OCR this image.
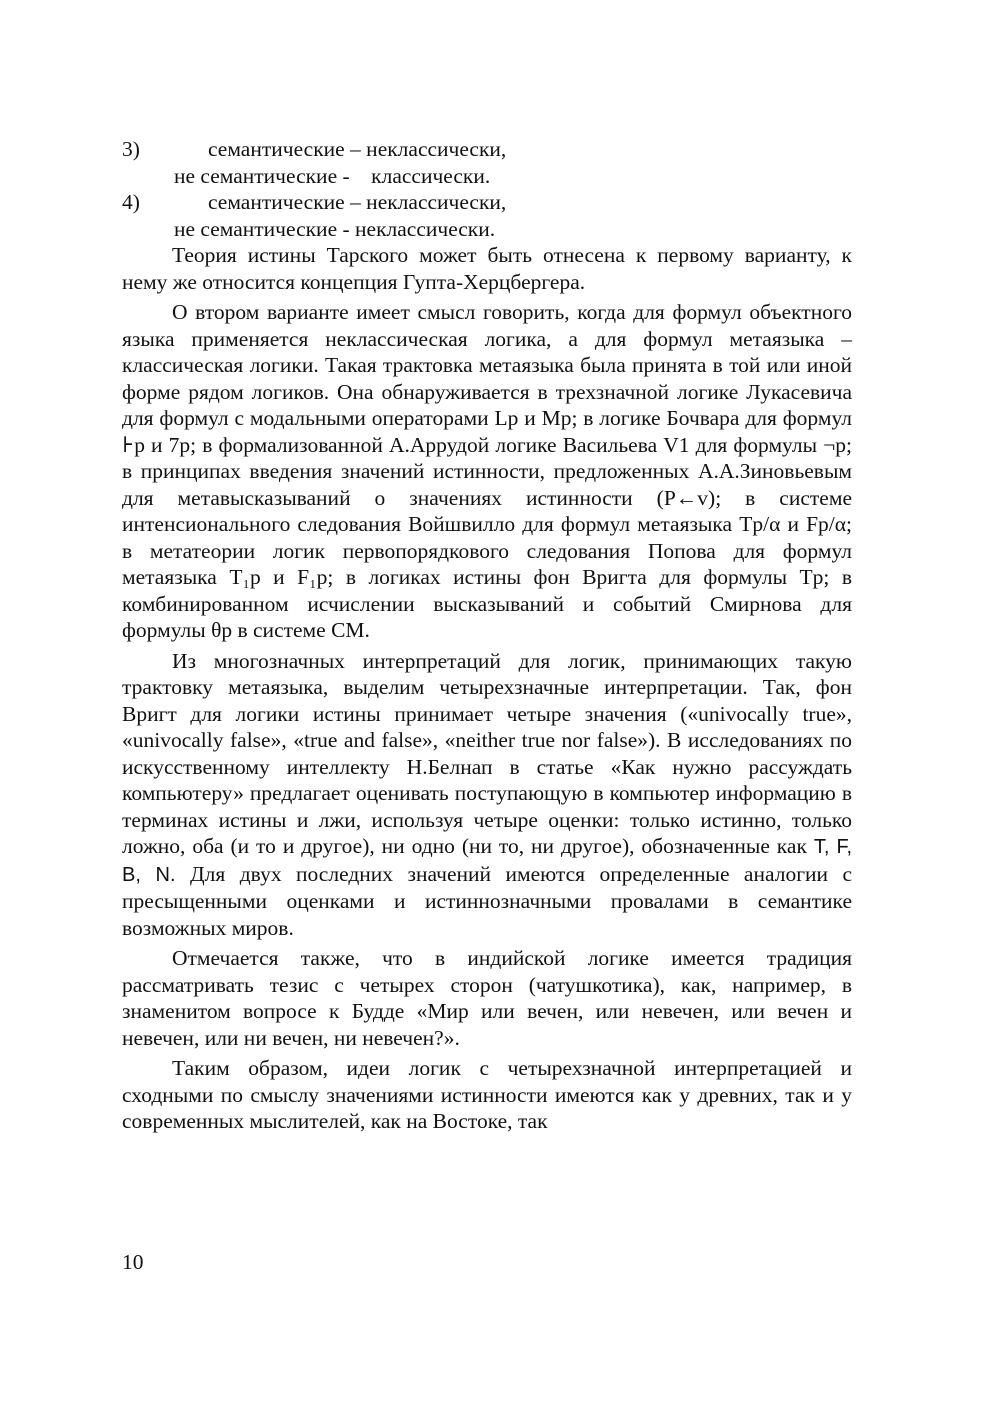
3)	семантические – неклассически,
не семантические -    классически.
4)	семантические – неклассически,
не семантические - неклассически.

Теория истины Тарского может быть отнесена к первому варианту, к нему же относится концепция Гупта-Херцбергера.

О втором варианте имеет смысл говорить, когда для формул объектного языка применяется неклассическая логика, а для формул метаязыка – классическая логики. Такая трактовка метаязыка была принята в той или иной форме рядом логиков. Она обнаруживается в трехзначной логике Лукасевича для формул с модальными операторами Lp и Mp; в логике Бочвара для формул ⊦p и 7p; в формализованной А.Аррудой логике Васильева V1 для формулы ¬p; в принципах введения значений истинности, предложенных А.А.Зиновьевым для метавысказываний о значениях истинности (P←v); в системе интенсионального следования Войшвилло для формул метаязыка Tp/α и Fp/α; в метатеории логик первопорядкового следования Попова для формул метаязыка T₁p и F₁p; в логиках истины фон Вригта для формулы Tp; в комбинированном исчислении высказываний и событий Смирнова для формулы θp в системе CM.

Из многозначных интерпретаций для логик, принимающих такую трактовку метаязыка, выделим четырехзначные интерпретации. Так, фон Вригт для логики истины принимает четыре значения («univocally true», «univocally false», «true and false», «neither true nor false»). В исследованиях по искусственному интеллекту Н.Белнап в статье «Как нужно рассуждать компьютеру» предлагает оценивать поступающую в компьютер информацию в терминах истины и лжи, используя четыре оценки: только истинно, только ложно, оба (и то и другое), ни одно (ни то, ни другое), обозначенные как T, F, B, N. Для двух последних значений имеются определенные аналогии с пресыщенными оценками и истиннозначными провалами в семантике возможных миров.

Отмечается также, что в индийской логике имеется традиция рассматривать тезис с четырех сторон (чатушкотика), как, например, в знаменитом вопросе к Будде «Мир или вечен, или невечен, или вечен и невечен, или ни вечен, ни невечен?».

Таким образом, идеи логик с четырехзначной интерпретацией и сходными по смыслу значениями истинности имеются как у древних, так и у современных мыслителей, как на Востоке, так

10
